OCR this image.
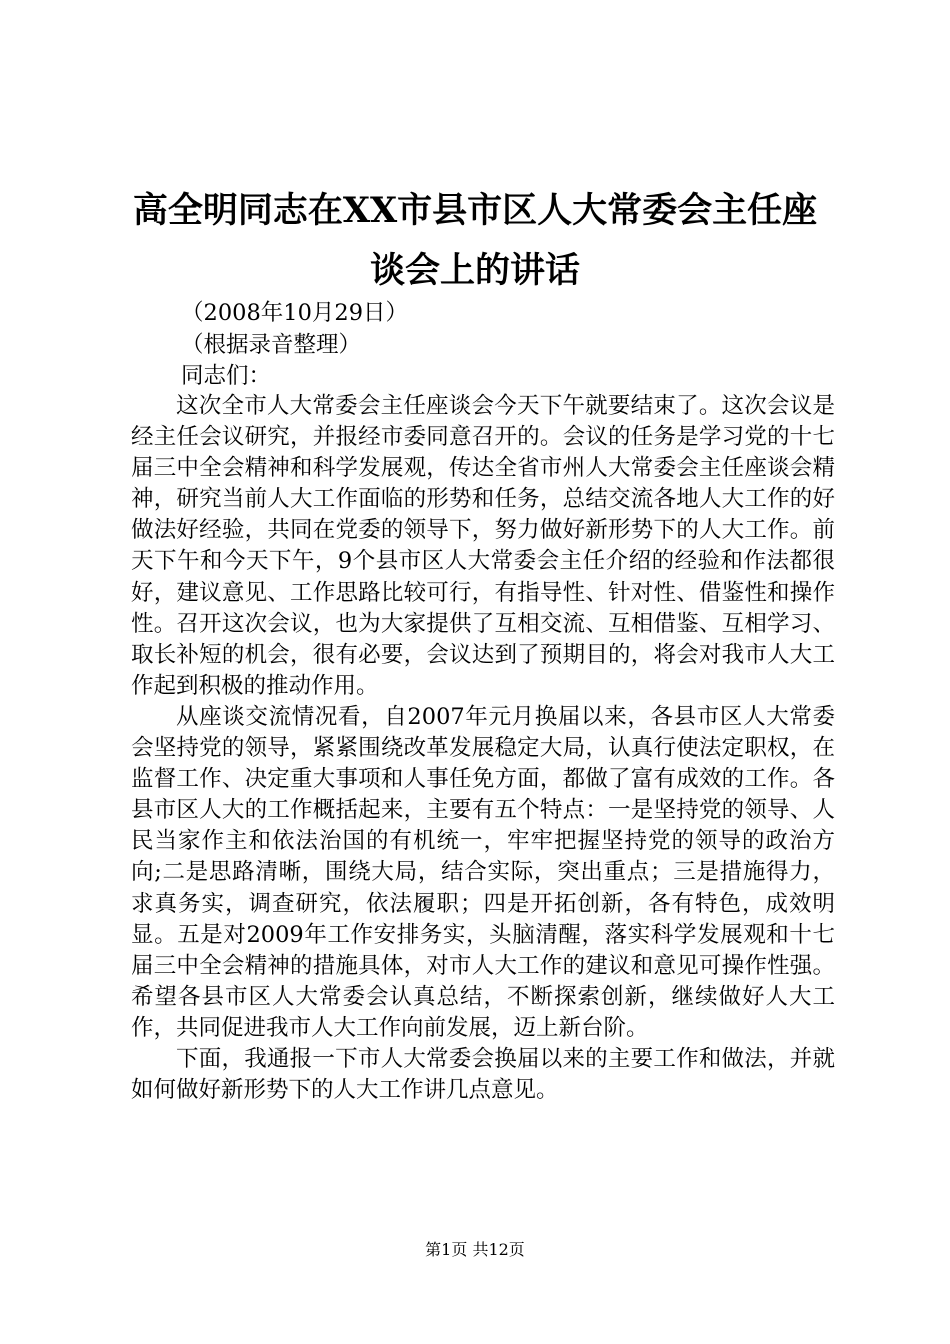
高全明同志在XX市县市区人大常委会主任座
谈会上的讲话
（2008年10月29日）
（根据录音整理）
同志们：

这次全市人大常委会主任座谈会今天下午就要结束了。这次会议是经主任会议研究，并报经市委同意召开的。会议的任务是学习党的十七届三中全会精神和科学发展观，传达全省市州人大常委会主任座谈会精神，研究当前人大工作面临的形势和任务，总结交流各地人大工作的好做法好经验，共同在党委的领导下，努力做好新形势下的人大工作。前天下午和今天下午，9个县市区人大常委会主任介绍的经验和作法都很好，建议意见、工作思路比较可行，有指导性、针对性、借鉴性和操作性。召开这次会议，也为大家提供了互相交流、互相借鉴、互相学习、取长补短的机会，很有必要，会议达到了预期目的，将会对我市人大工作起到积极的推动作用。

从座谈交流情况看，自2007年元月换届以来，各县市区人大常委会坚持党的领导，紧紧围绕改革发展稳定大局，认真行使法定职权，在监督工作、决定重大事项和人事任免方面，都做了富有成效的工作。各县市区人大的工作概括起来，主要有五个特点：一是坚持党的领导、人民当家作主和依法治国的有机统一，牢牢把握坚持党的领导的政治方向;二是思路清晰，围绕大局，结合实际，突出重点；三是措施得力，求真务实，调查研究，依法履职；四是开拓创新，各有特色，成效明显。五是对2009年工作安排务实，头脑清醒，落实科学发展观和十七届三中全会精神的措施具体，对市人大工作的建议和意见可操作性强。希望各县市区人大常委会认真总结，不断探索创新，继续做好人大工作，共同促进我市人大工作向前发展，迈上新台阶。

下面，我通报一下市人大常委会换届以来的主要工作和做法，并就如何做好新形势下的人大工作讲几点意见。

第1页 共12页
